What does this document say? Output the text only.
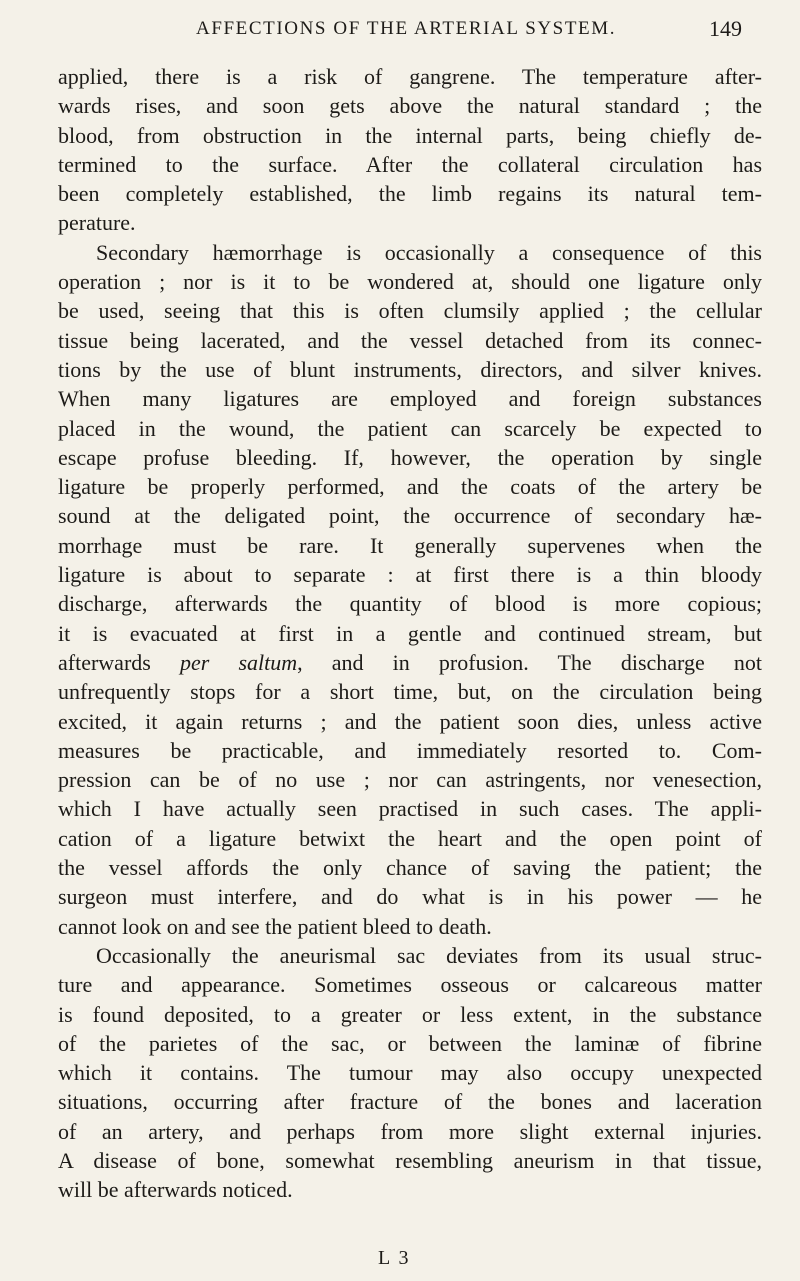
AFFECTIONS OF THE ARTERIAL SYSTEM.	149
applied, there is a risk of gangrene. The temperature after-
wards rises, and soon gets above the natural standard ; the
blood, from obstruction in the internal parts, being chiefly de-
termined to the surface. After the collateral circulation has
been completely established, the limb regains its natural tem-
perature.
Secondary hæmorrhage is occasionally a consequence of this
operation ; nor is it to be wondered at, should one ligature only
be used, seeing that this is often clumsily applied ; the cellular
tissue being lacerated, and the vessel detached from its connec-
tions by the use of blunt instruments, directors, and silver knives.
When many ligatures are employed and foreign substances
placed in the wound, the patient can scarcely be expected to
escape profuse bleeding. If, however, the operation by single
ligature be properly performed, and the coats of the artery be
sound at the deligated point, the occurrence of secondary hæ-
morrhage must be rare. It generally supervenes when the
ligature is about to separate : at first there is a thin bloody
discharge, afterwards the quantity of blood is more copious;
it is evacuated at first in a gentle and continued stream, but
afterwards per saltum, and in profusion. The discharge not
unfrequently stops for a short time, but, on the circulation being
excited, it again returns ; and the patient soon dies, unless active
measures be practicable, and immediately resorted to. Com-
pression can be of no use ; nor can astringents, nor venesection,
which I have actually seen practised in such cases. The appli-
cation of a ligature betwixt the heart and the open point of
the vessel affords the only chance of saving the patient; the
surgeon must interfere, and do what is in his power — he
cannot look on and see the patient bleed to death.
Occasionally the aneurismal sac deviates from its usual struc-
ture and appearance. Sometimes osseous or calcareous matter
is found deposited, to a greater or less extent, in the substance
of the parietes of the sac, or between the laminæ of fibrine
which it contains. The tumour may also occupy unexpected
situations, occurring after fracture of the bones and laceration
of an artery, and perhaps from more slight external injuries.
A disease of bone, somewhat resembling aneurism in that tissue,
will be afterwards noticed.
L 3
